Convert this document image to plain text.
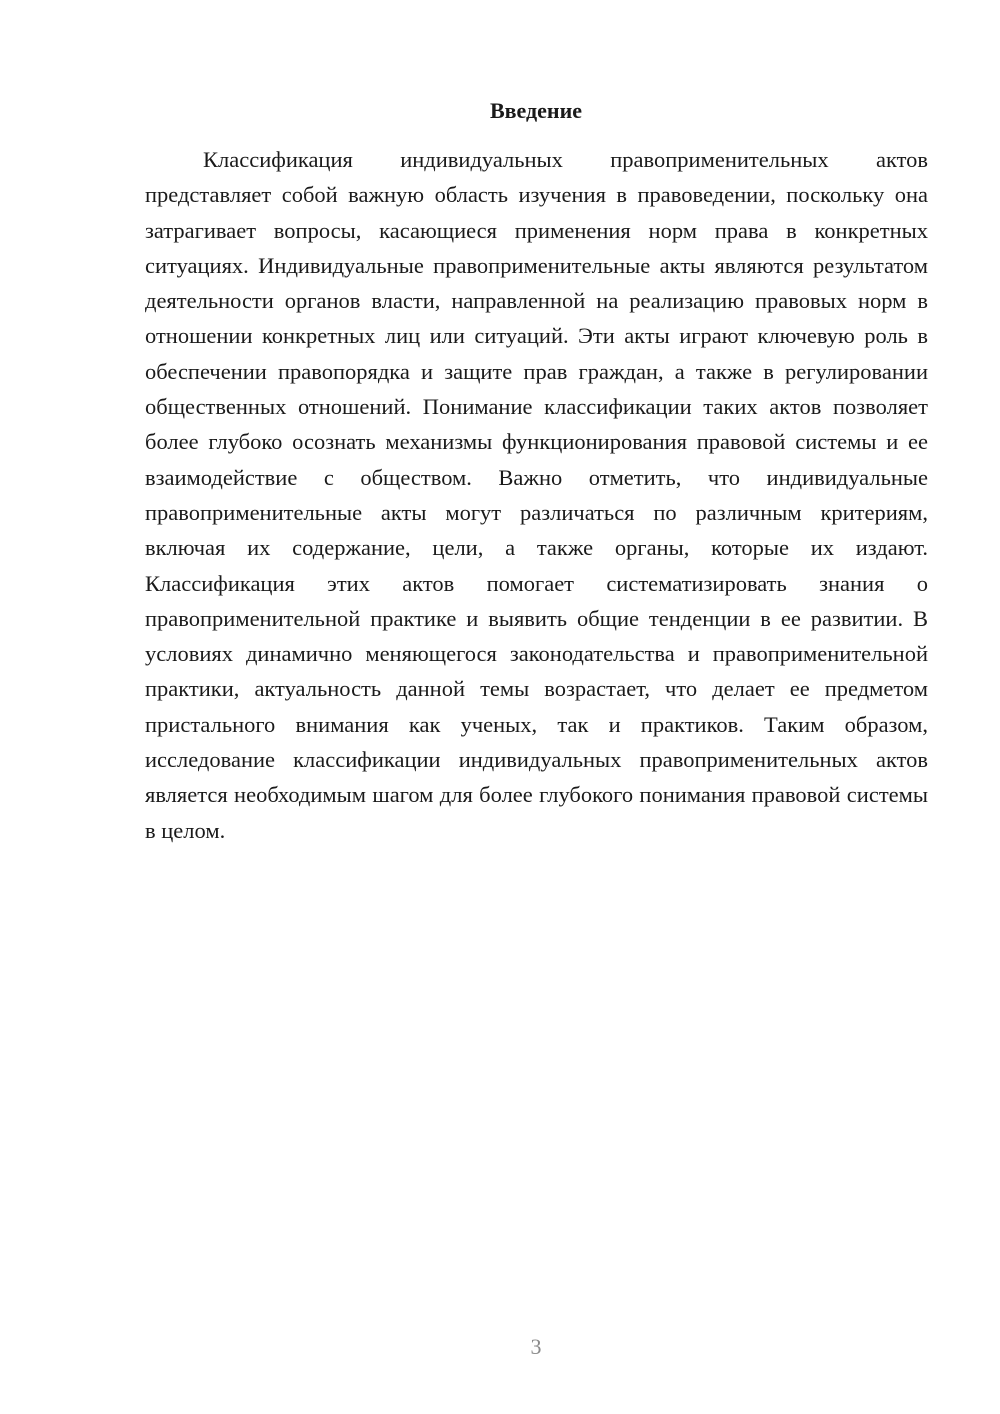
Введение

Классификация индивидуальных правоприменительных актов представляет собой важную область изучения в правоведении, поскольку она затрагивает вопросы, касающиеся применения норм права в конкретных ситуациях. Индивидуальные правоприменительные акты являются результатом деятельности органов власти, направленной на реализацию правовых норм в отношении конкретных лиц или ситуаций. Эти акты играют ключевую роль в обеспечении правопорядка и защите прав граждан, а также в регулировании общественных отношений. Понимание классификации таких актов позволяет более глубоко осознать механизмы функционирования правовой системы и ее взаимодействие с обществом. Важно отметить, что индивидуальные правоприменительные акты могут различаться по различным критериям, включая их содержание, цели, а также органы, которые их издают. Классификация этих актов помогает систематизировать знания о правоприменительной практике и выявить общие тенденции в ее развитии. В условиях динамично меняющегося законодательства и правоприменительной практики, актуальность данной темы возрастает, что делает ее предметом пристального внимания как ученых, так и практиков. Таким образом, исследование классификации индивидуальных правоприменительных актов является необходимым шагом для более глубокого понимания правовой системы в целом.

3
